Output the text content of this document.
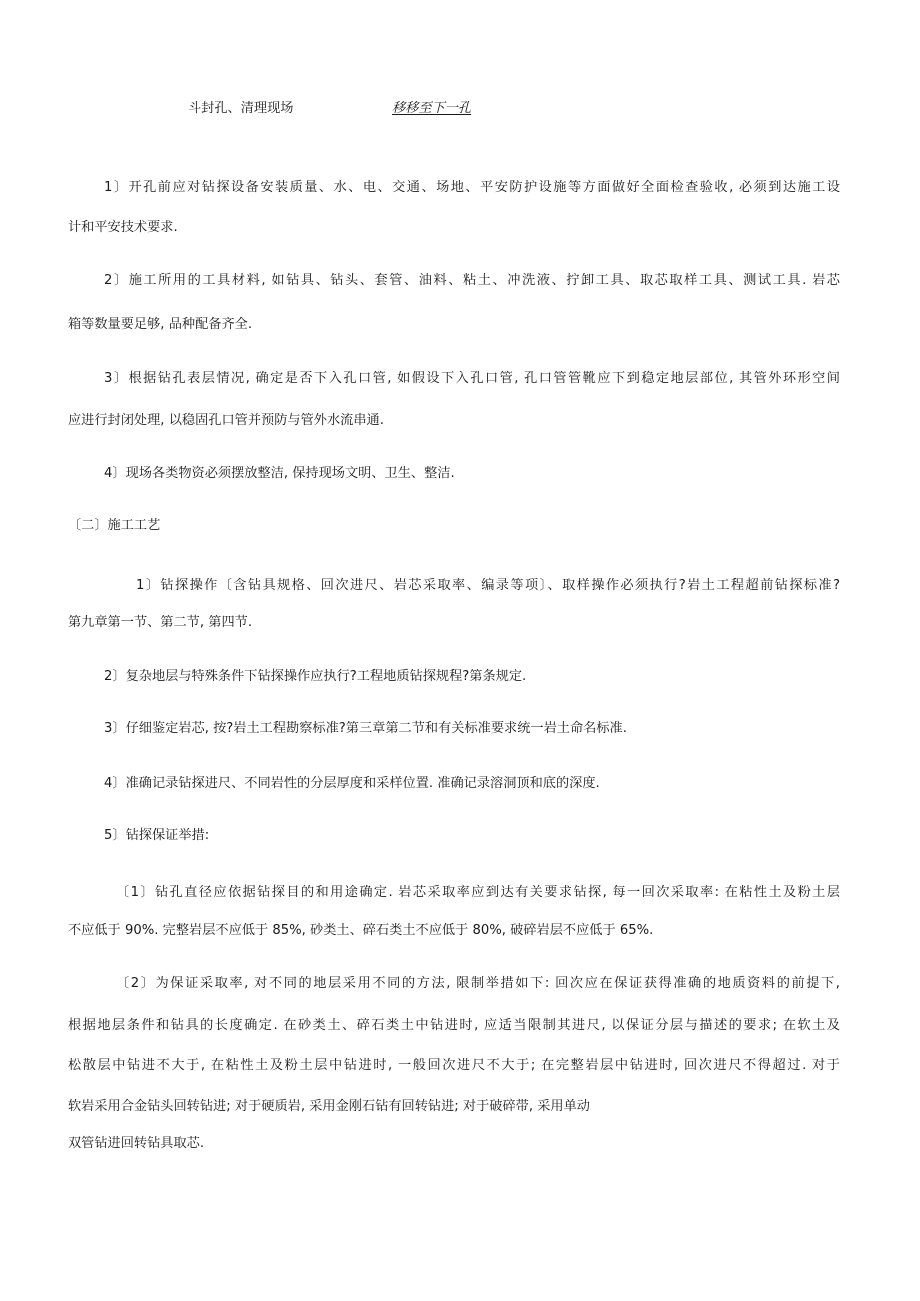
斗封孔、清理现场	移移至下一孔
1〕开孔前应对钻探设备安装质量、水、电、交通、场地、平安防护设施等方面做好全面检查验收, 必须到达施工设
计和平安技术要求.
2〕施工所用的工具材料, 如钻具、钻头、套管、油料、粘土、冲洗液、拧卸工具、取芯取样工具、测试工具. 岩芯
箱等数量要足够, 品种配备齐全.
3〕根据钻孔表层情况, 确定是否下入孔口管, 如假设下入孔口管, 孔口管管靴应下到稳定地层部位, 其管外环形空间
应进行封闭处理, 以稳固孔口管并预防与管外水流串通.
4〕现场各类物资必须摆放整洁, 保持现场文明、卫生、整洁.
〔二〕施工工艺
1〕钻探操作〔含钻具规格、回次进尺、岩芯采取率、编录等项〕、取样操作必须执行?岩土工程超前钻探标准?
第九章第一节、第二节, 第四节.
2〕复杂地层与特殊条件下钻探操作应执行?工程地质钻探规程?第条规定.
3〕仔细鉴定岩芯, 按?岩土工程勘察标准?第三章第二节和有关标准要求统一岩土命名标准.
4〕准确记录钻探进尺、不同岩性的分层厚度和采样位置. 准确记录溶洞顶和底的深度.
5〕钻探保证举措:
〔1〕钻孔直径应依据钻探目的和用途确定. 岩芯采取率应到达有关要求钻探, 每一回次采取率: 在粘性土及粉土层
不应低于 90%. 完整岩层不应低于 85%, 砂类土、碎石类土不应低于 80%, 破碎岩层不应低于 65%.
〔2〕为保证采取率, 对不同的地层采用不同的方法, 限制举措如下: 回次应在保证获得准确的地质资料的前提下,
根据地层条件和钻具的长度确定. 在砂类土、碎石类土中钻进时, 应适当限制其进尺, 以保证分层与描述的要求; 在软土及
松散层中钻进不大于, 在粘性土及粉土层中钻进时, 一般回次进尺不大于; 在完整岩层中钻进时, 回次进尺不得超过. 对于
软岩采用合金钻头回转钻进; 对于硬质岩, 采用金刚石钻有回转钻进; 对于破碎带, 采用单动
双管钻进回转钻具取芯.
